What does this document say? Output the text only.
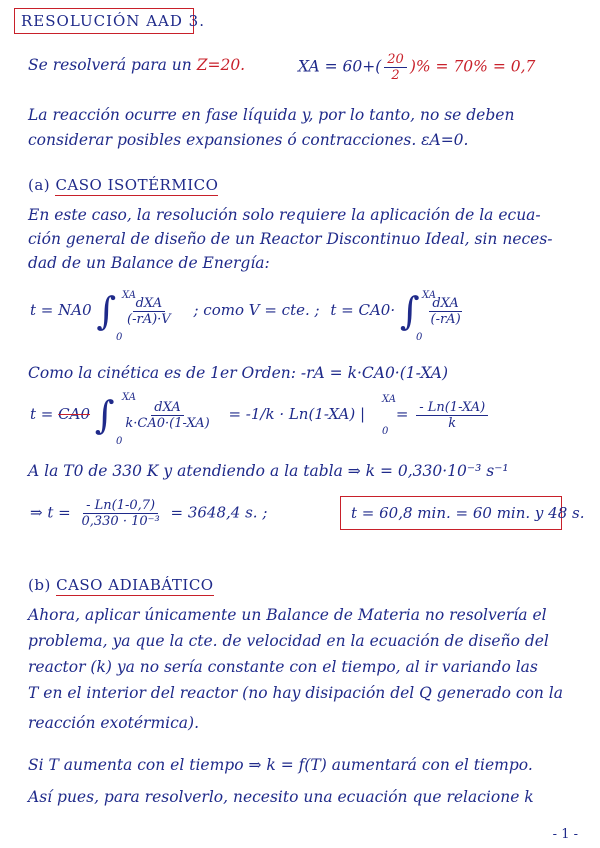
RESOLUCIÓN AAD 3.
Se resolverá para un Z=20.	XA = $60+( \frac{20}{2}$ )% = 70% = 0,7
La reacción ocurre en fase líquida y, por lo tanto, no se deben
considerar posibles expansiones ó contracciones. εA=0.
(a) CASO ISOTÉRMICO
En este caso, la resolución solo requiere la aplicación de la ecua-
ción general de diseño de un Reactor Discontinuo Ideal, sin neces-
dad de un Balance de Energía:
t = NA0 ∫ XA
0
$\frac{\text{dXA}}{(-rA)\cdot V}$ ; como V = cte. ; t = CA0· ∫ XA
0
$\frac{\text{dXA}}{(-rA)}$
Como la cinética es de 1er Orden: -rA = k·CA0·(1-XA)
t = CA0 ∫ XA
0
$\frac{\text{dXA}}{k\cdot CA0\cdot(1-XA)} = -1/k \cdot Ln(1-XA)$ |
XA
0
= $\frac{- Ln(1-XA)}{k}$
A la T0 de 330 K y atendiendo a la tabla ⇒ k = 0,330·10⁻³ s⁻¹
⇒ $t = \frac{- Ln(1-0,7)}{\text{0,330 · 10⁻³}} = 3648,4$ s. ;	t = 60,8 min. = 60 min. y 48 s.
(b) CASO ADIABÁTICO
Ahora, aplicar únicamente un Balance de Materia no resolvería el
problema, ya que la cte. de velocidad en la ecuación de diseño del
reactor (k) ya no sería constante con el tiempo, al ir variando las
T en el interior del reactor (no hay disipación del Q generado con la
reacción exotérmica).
Si T aumenta con el tiempo ⇒ k = f(T) aumentará con el tiempo.
Así pues, para resolverlo, necesito una ecuación que relacione k
- 1 -
